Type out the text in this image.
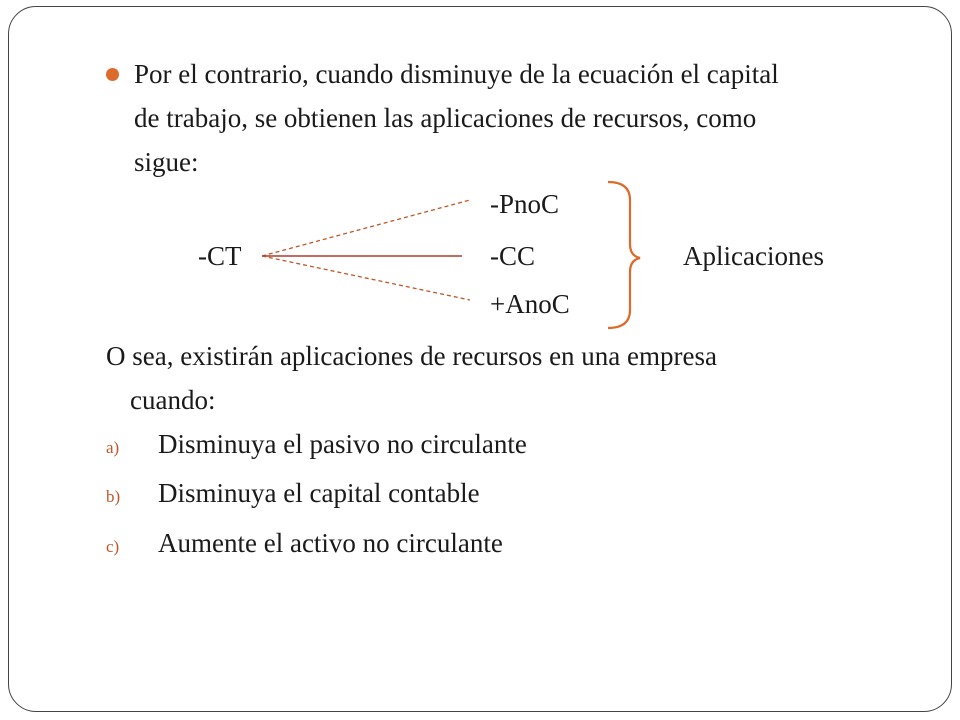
Por el contrario, cuando disminuye de la ecuación el capital
de trabajo, se obtienen las aplicaciones de recursos, como
sigue:
-CT
-PnoC
-CC
+AnoC
Aplicaciones
O sea, existirán aplicaciones de recursos en una empresa
cuando:
a) Disminuya el pasivo no circulante
b) Disminuya el capital contable
c) Aumente el activo no circulante
